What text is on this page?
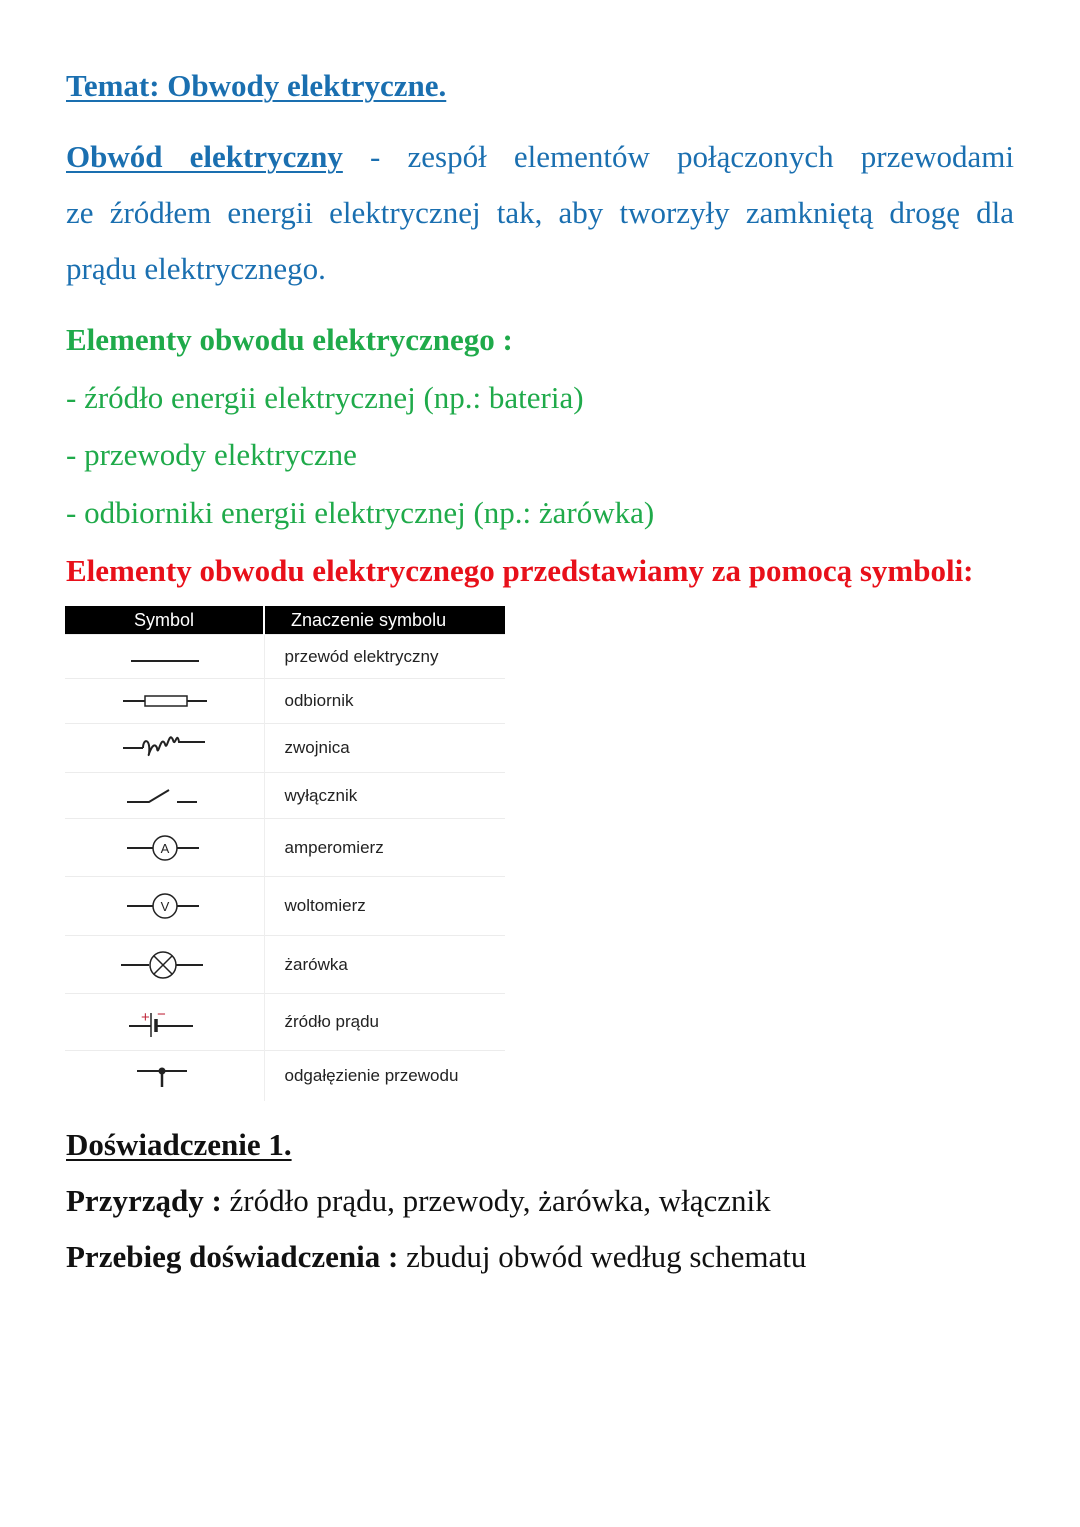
Temat: Obwody elektryczne.
Obwód elektryczny - zespół elementów połączonych przewodami
ze źródłem energii elektrycznej tak, aby tworzyły zamkniętą drogę dla
prądu elektrycznego.
Elementy obwodu elektrycznego :
- źródło energii elektrycznej (np.: bateria)
- przewody elektryczne
- odbiorniki energii elektrycznej (np.: żarówka)
Elementy obwodu elektrycznego przedstawiamy za pomocą symboli:
Symbol	Znaczenie symbolu

	przewód elektryczny

	odbiornik

	zwojnica

	wyłącznik

A	amperomierz

V	woltomierz

	żarówka

+ −	źródło prądu

	odgałęzienie przewodu
Doświadczenie 1.
Przyrządy : źródło prądu, przewody, żarówka, włącznik
Przebieg doświadczenia : zbuduj obwód według schematu
